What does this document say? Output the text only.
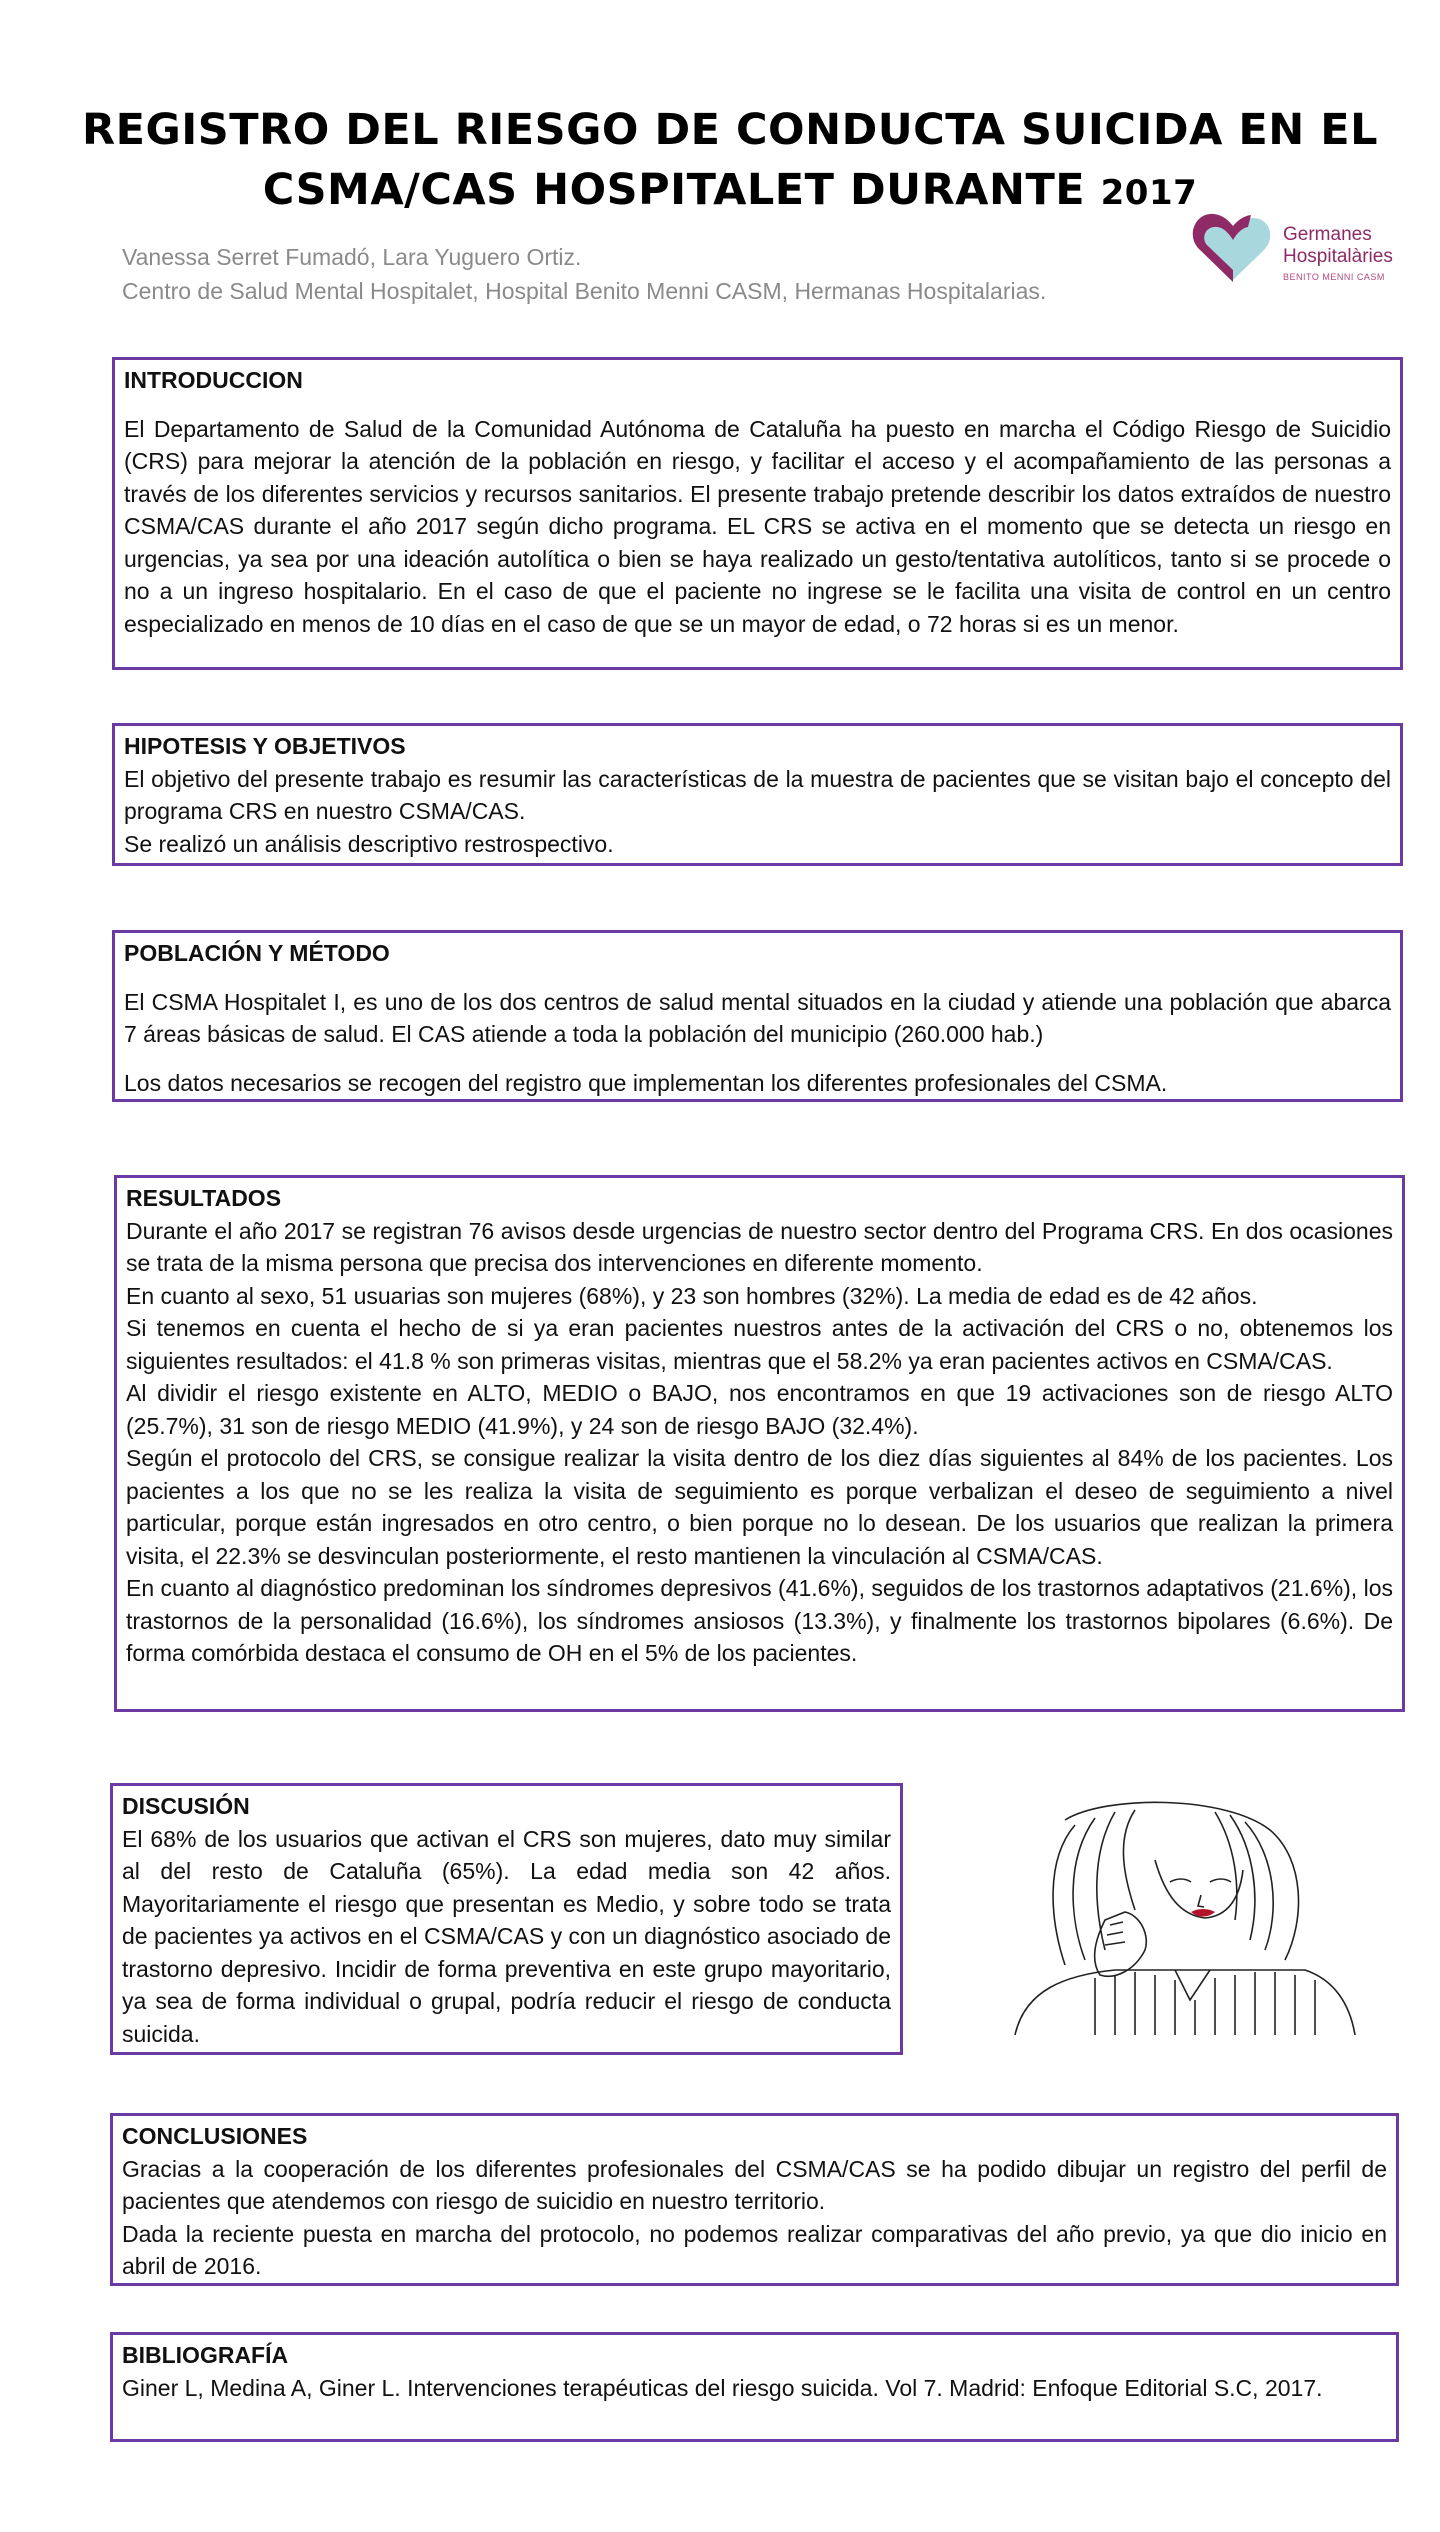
REGISTRO DEL RIESGO DE CONDUCTA SUICIDA EN EL
CSMA/CAS HOSPITALET DURANTE 2017
Vanessa Serret Fumadó, Lara Yuguero Ortiz.
Centro de Salud Mental Hospitalet, Hospital Benito Menni CASM, Hermanas Hospitalarias.
Germanes
Hospitalàries
BENITO MENNI CASM
INTRODUCCION

El Departamento de Salud de la Comunidad Autónoma de Cataluña ha puesto en marcha el Código Riesgo de Suicidio (CRS) para mejorar la atención de la población en riesgo, y facilitar el acceso y el acompañamiento de las personas a través de los diferentes servicios y recursos sanitarios. El presente trabajo pretende describir los datos extraídos de nuestro CSMA/CAS durante el año 2017 según dicho programa. EL CRS se activa en el momento que se detecta un riesgo en urgencias, ya sea por una ideación autolítica o bien se haya realizado un gesto/tentativa autolíticos, tanto si se procede o no a un ingreso hospitalario. En el caso de que el paciente no ingrese se le facilita una visita de control en un centro especializado en menos de 10 días en el caso de que se un mayor de edad, o 72 horas si es un menor.

HIPOTESIS Y OBJETIVOS

El objetivo del presente trabajo es resumir las características de la muestra de pacientes que se visitan bajo el concepto del programa CRS en nuestro CSMA/CAS.

Se realizó un análisis descriptivo restrospectivo.

POBLACIÓN Y MÉTODO

El CSMA Hospitalet I, es uno de los dos centros de salud mental situados en la ciudad y atiende una población que abarca 7 áreas básicas de salud. El CAS atiende a toda la población del municipio (260.000 hab.)

Los datos necesarios se recogen del registro que implementan los diferentes profesionales del CSMA.

RESULTADOS

Durante el año 2017 se registran 76 avisos desde urgencias de nuestro sector dentro del Programa CRS. En dos ocasiones se trata de la misma persona que precisa dos intervenciones en diferente momento.

En cuanto al sexo, 51 usuarias son mujeres (68%), y 23 son hombres (32%). La media de edad es de 42 años.

Si tenemos en cuenta el hecho de si ya eran pacientes nuestros antes de la activación del CRS o no, obtenemos los siguientes resultados: el 41.8 % son primeras visitas, mientras que el 58.2% ya eran pacientes activos en CSMA/CAS.

Al dividir el riesgo existente en ALTO, MEDIO o BAJO, nos encontramos en que 19 activaciones son de riesgo ALTO (25.7%), 31 son de riesgo MEDIO (41.9%), y 24 son de riesgo BAJO (32.4%).

Según el protocolo del CRS, se consigue realizar la visita dentro de los diez días siguientes al 84% de los pacientes. Los pacientes a los que no se les realiza la visita de seguimiento es porque verbalizan el deseo de seguimiento a nivel particular, porque están ingresados en otro centro, o bien porque no lo desean. De los usuarios que realizan la primera visita, el 22.3% se desvinculan posteriormente, el resto mantienen la vinculación al CSMA/CAS.

En cuanto al diagnóstico predominan los síndromes depresivos (41.6%), seguidos de los trastornos adaptativos (21.6%), los trastornos de la personalidad (16.6%), los síndromes ansiosos (13.3%), y finalmente los trastornos bipolares (6.6%). De forma comórbida destaca el consumo de OH en el 5% de los pacientes.

DISCUSIÓN

El 68% de los usuarios que activan el CRS son mujeres, dato muy similar al del resto de Cataluña (65%). La edad media son 42 años. Mayoritariamente el riesgo que presentan es Medio, y sobre todo se trata de pacientes ya activos en el CSMA/CAS y con un diagnóstico asociado de trastorno depresivo. Incidir de forma preventiva en este grupo mayoritario, ya sea de forma individual o grupal, podría reducir el riesgo de conducta suicida.

CONCLUSIONES

Gracias a la cooperación de los diferentes profesionales del CSMA/CAS se ha podido dibujar un registro del perfil de pacientes que atendemos con riesgo de suicidio en nuestro territorio.

Dada la reciente puesta en marcha del protocolo, no podemos realizar comparativas del año previo, ya que dio inicio en abril de 2016.

BIBLIOGRAFÍA

Giner L, Medina A, Giner L. Intervenciones terapéuticas del riesgo suicida. Vol 7. Madrid: Enfoque Editorial S.C, 2017.
